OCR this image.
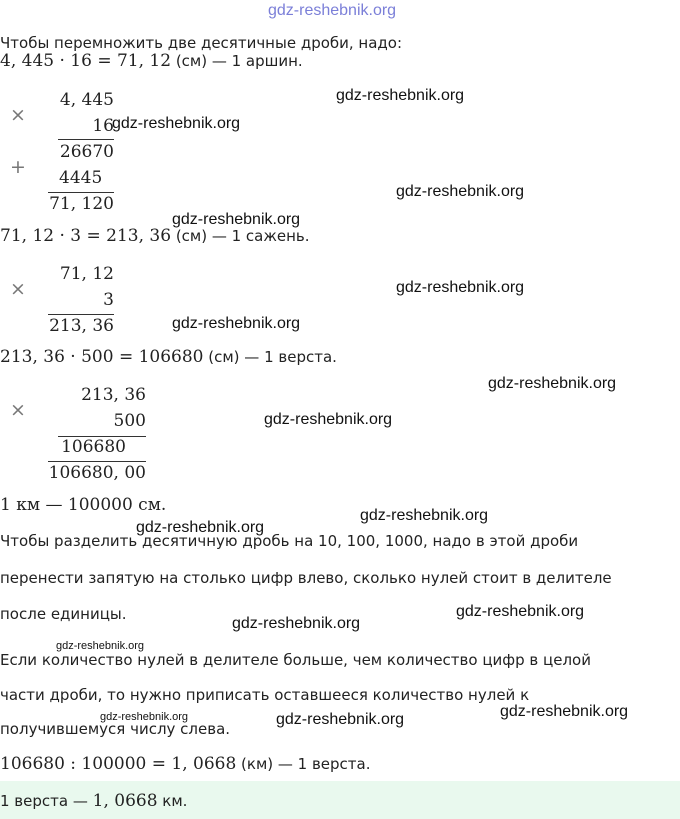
gdz-reshebnik.org
Чтобы перемножить две десятичные дроби, надо:
4, 445 · 16 = 71, 12 (см) — 1 аршин.
×
4, 445
16
26670
+ 4445
71, 120
71, 12 · 3 = 213, 36 (см) — 1 сажень.
×
71, 12
3
213, 36
213, 36 · 500 = 106680 (см) — 1 верста.
×
213, 36
500
106680
106680, 00
1 км — 100000 см.
Чтобы разделить десятичную дробь на 10, 100, 1000, надо в этой дроби
перенести запятую на столько цифр влево, сколько нулей стоит в делителе
после единицы.
Если количество нулей в делителе больше, чем количество цифр в целой
части дроби, то нужно приписать оставшееся количество нулей к
получившемуся числу слева.
106680 : 100000 = 1, 0668 (км) — 1 верста.
1 верста — 1, 0668 км.
gdz-reshebnik.org
gdz-reshebnik.org
gdz-reshebnik.org
gdz-reshebnik.org
gdz-reshebnik.org
gdz-reshebnik.org
gdz-reshebnik.org
gdz-reshebnik.org
gdz-reshebnik.org
gdz-reshebnik.org
gdz-reshebnik.org
gdz-reshebnik.org
gdz-reshebnik.org
gdz-reshebnik.org	gdz-reshebnik.org
gdz-reshebnik.org
